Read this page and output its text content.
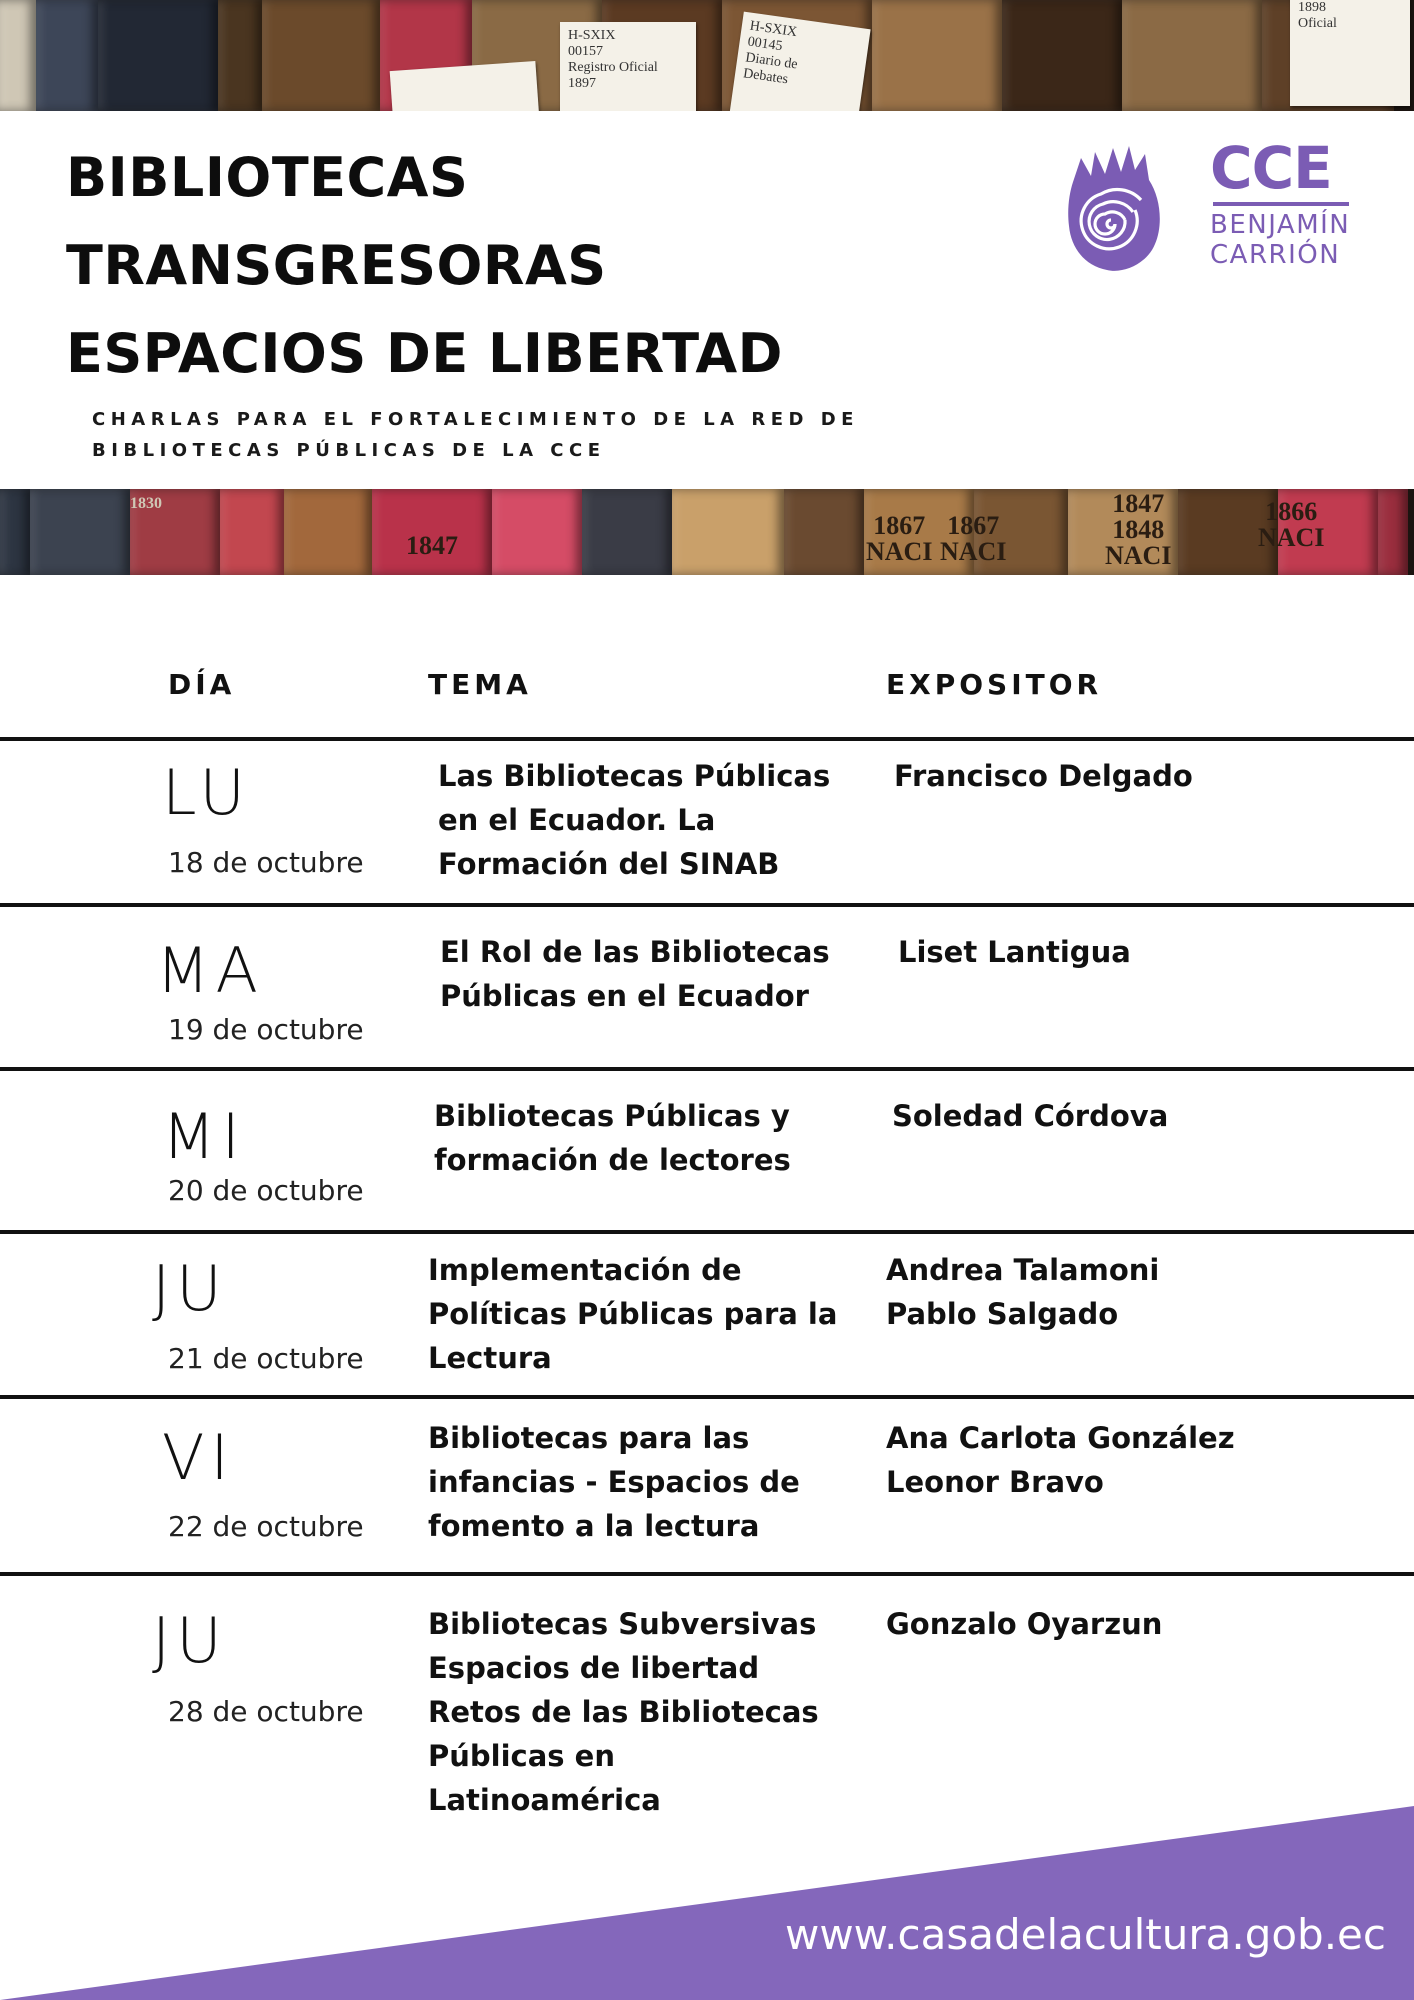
H-SXIX
00157
Registro Oficial
1897
H-SXIX
00145
Diario de
Debates
1898
Oficial
BIBLIOTECAS
TRANSGRESORAS
ESPACIOS DE LIBERTAD
CHARLAS PARA EL FORTALECIMIENTO DE LA RED DE
BIBLIOTECAS PÚBLICAS DE LA CCE
CCE
BENJAMÍN
CARRIÓN
1830
1847
1867
NACI
1867
NACI
1847
1848
NACI
1866
NACI
DÍA	TEMA	EXPOSITOR
LU
18 de octubre
Las Bibliotecas Públicas
en el Ecuador. La
Formación del SINAB
Francisco Delgado
MA
19 de octubre
El Rol de las Bibliotecas
Públicas en el Ecuador
Liset Lantigua
MI
20 de octubre
Bibliotecas Públicas y
formación de lectores
Soledad Córdova
JU
21 de octubre
Implementación de
Políticas Públicas para la
Lectura
Andrea Talamoni
Pablo Salgado
VI
22 de octubre
Bibliotecas para las
infancias - Espacios de
fomento a la lectura
Ana Carlota González
Leonor Bravo
JU
28 de octubre
Bibliotecas Subversivas
Espacios de libertad
Retos de las Bibliotecas
Públicas en
Latinoamérica
Gonzalo Oyarzun
www.casadelacultura.gob.ec
